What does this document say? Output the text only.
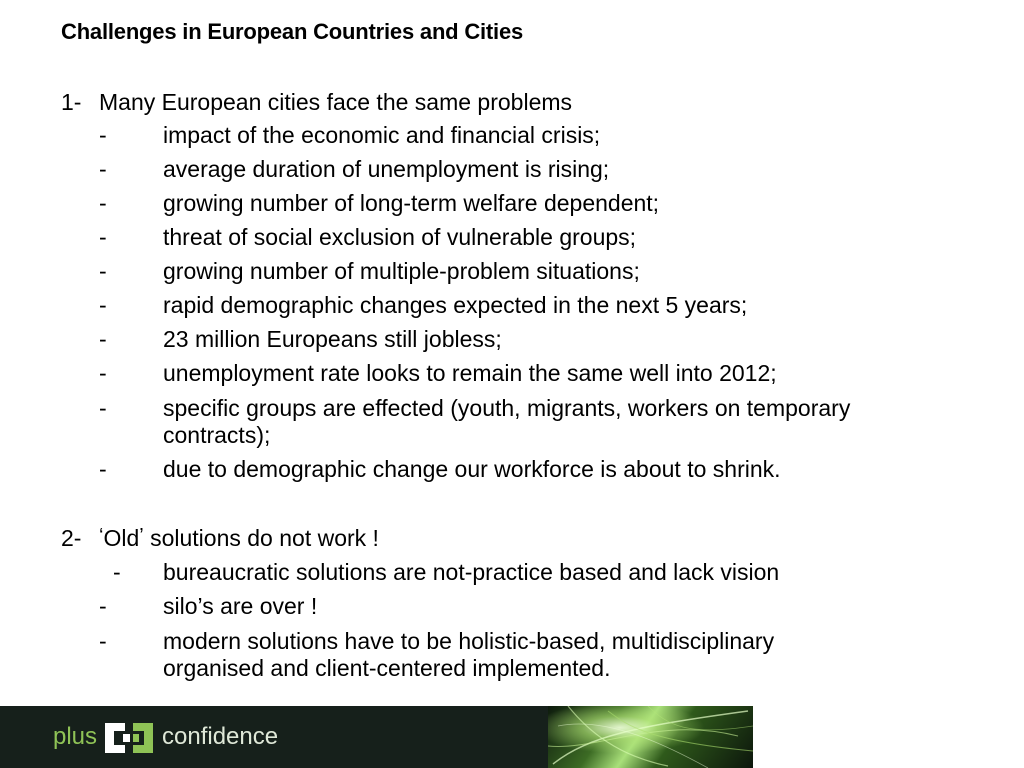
Challenges in European Countries and Cities
1- Many European cities face the same problems
- impact of the economic and financial crisis;
- average duration of unemployment is rising;
- growing number of long-term welfare dependent;
- threat of social exclusion of vulnerable groups;
- growing number of multiple-problem situations;
- rapid demographic changes expected in the next 5 years;
- 23 million Europeans still jobless;
- unemployment rate looks to remain the same well into 2012;
- specific groups are effected (youth, migrants, workers on temporary contracts);
- due to demographic change our workforce is about to shrink.
2- ‘Old’ solutions do not work !
- bureaucratic solutions are not-practice based and lack vision
- silo’s are over !
- modern solutions have to be holistic-based, multidisciplinary organised and client-centered implemented.
plus	confidence
